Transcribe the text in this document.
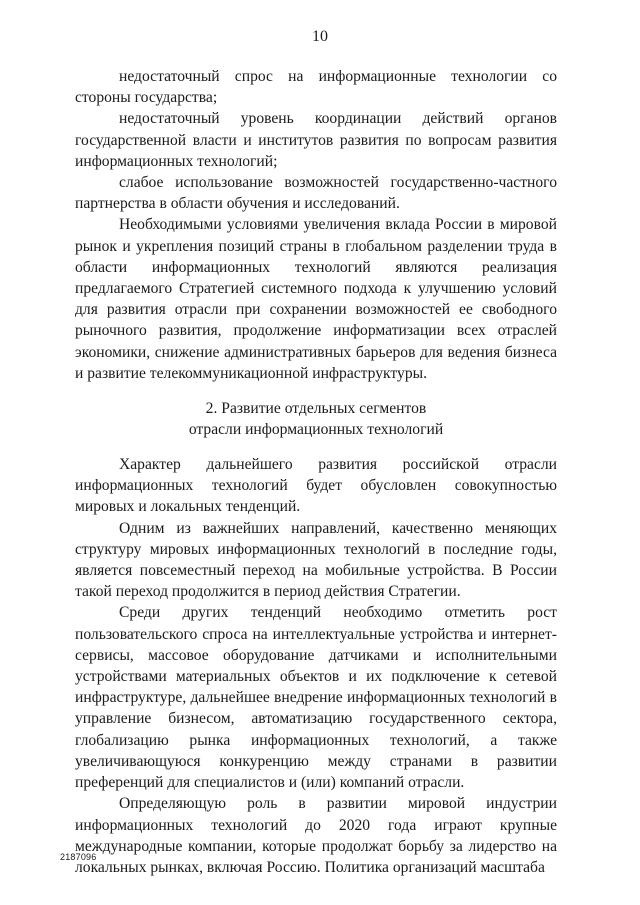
10

недостаточный спрос на информационные технологии со стороны государства;

недостаточный уровень координации действий органов государственной власти и институтов развития по вопросам развития информационных технологий;

слабое использование возможностей государственно-частного партнерства в области обучения и исследований.

Необходимыми условиями увеличения вклада России в мировой рынок и укрепления позиций страны в глобальном разделении труда в области информационных технологий являются реализация предлагаемого Стратегией системного подхода к улучшению условий для развития отрасли при сохранении возможностей ее свободного рыночного развития, продолжение информатизации всех отраслей экономики, снижение административных барьеров для ведения бизнеса и развитие телекоммуникационной инфраструктуры.

2. Развитие отдельных сегментов
отрасли информационных технологий

Характер дальнейшего развития российской отрасли информационных технологий будет обусловлен совокупностью мировых и локальных тенденций.

Одним из важнейших направлений, качественно меняющих структуру мировых информационных технологий в последние годы, является повсеместный переход на мобильные устройства. В России такой переход продолжится в период действия Стратегии.

Среди других тенденций необходимо отметить рост пользовательского спроса на интеллектуальные устройства и интернет-сервисы, массовое оборудование датчиками и исполнительными устройствами материальных объектов и их подключение к сетевой инфраструктуре, дальнейшее внедрение информационных технологий в управление бизнесом, автоматизацию государственного сектора, глобализацию рынка информационных технологий, а также увеличивающуюся конкуренцию между странами в развитии преференций для специалистов и (или) компаний отрасли.

Определяющую роль в развитии мировой индустрии информационных технологий до 2020 года играют крупные международные компании, которые продолжат борьбу за лидерство на локальных рынках, включая Россию. Политика организаций масштаба

2187096
